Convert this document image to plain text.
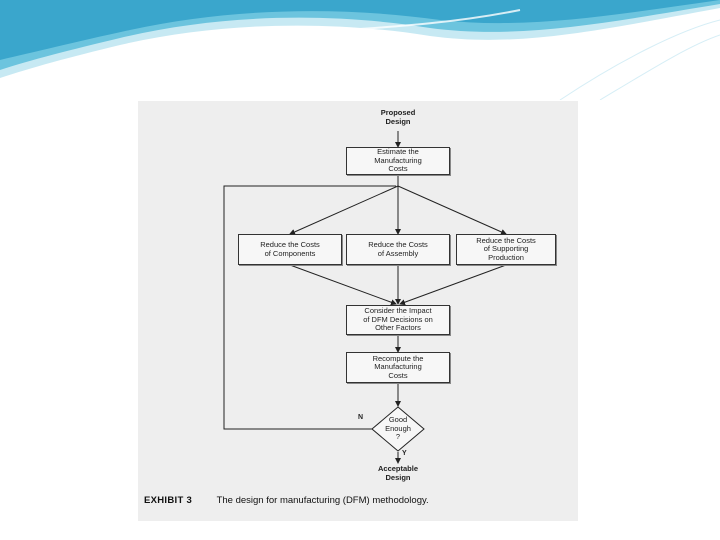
Proposed
Design
Estimate the
Manufacturing
Costs
Reduce the Costs
of Components
Reduce the Costs
of Assembly
Reduce the Costs
of Supporting
Production
Consider the Impact
of DFM Decisions on
Other Factors
Recompute the
Manufacturing
Costs
Good
Enough
?
N
Y
Acceptable
Design
EXHIBIT 3	The design for manufacturing (DFM) methodology.
